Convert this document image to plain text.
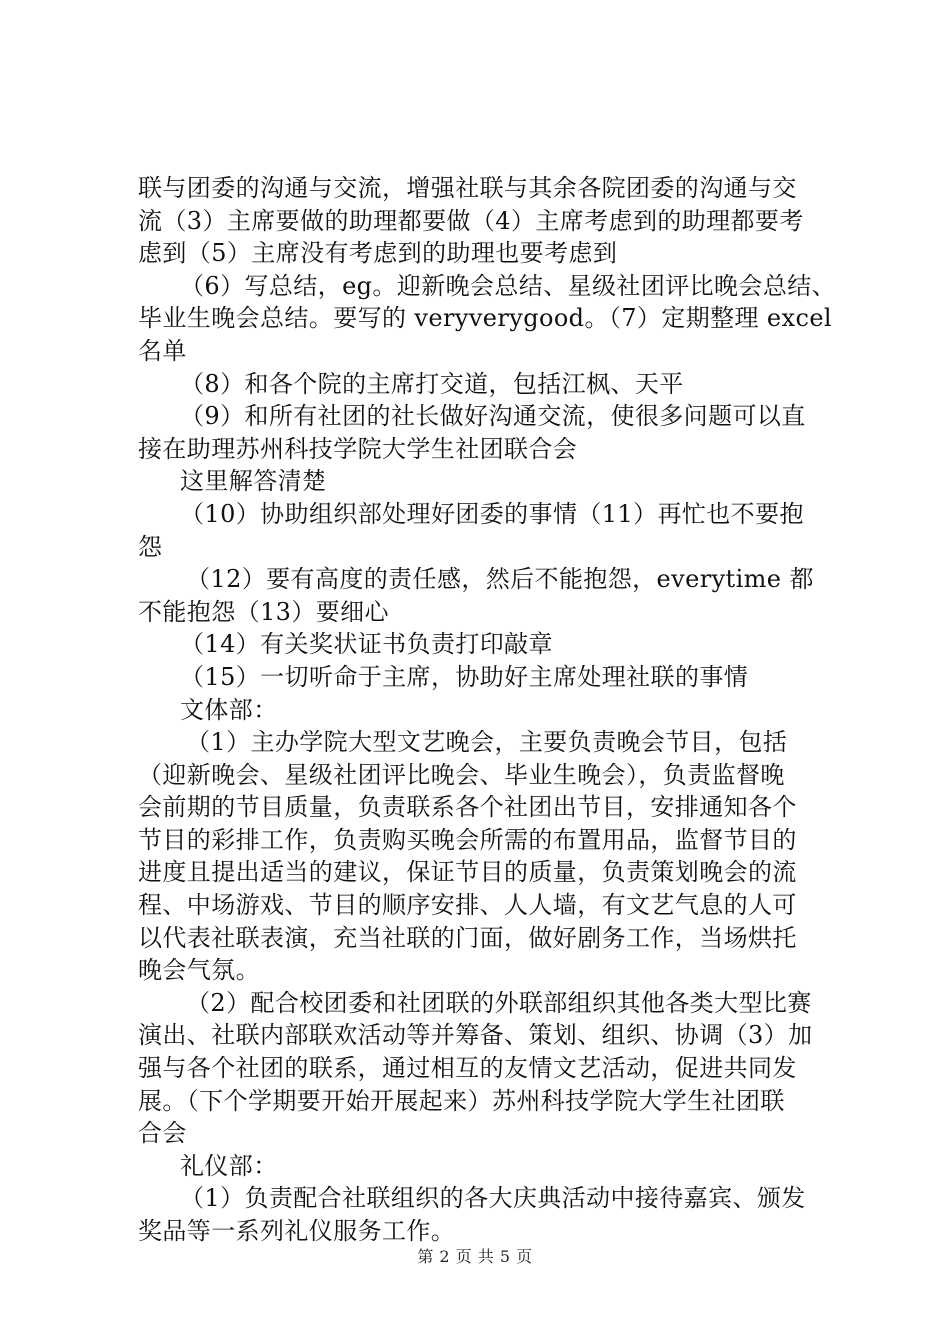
联与团委的沟通与交流，增强社联与其余各院团委的沟通与交
流（3）主席要做的助理都要做（4）主席考虑到的助理都要考
虑到（5）主席没有考虑到的助理也要考虑到
（6）写总结，eg。迎新晚会总结、星级社团评比晚会总结、
毕业生晚会总结。要写的 veryverygood。（7）定期整理 excel
名单
（8）和各个院的主席打交道，包括江枫、天平
（9）和所有社团的社长做好沟通交流，使很多问题可以直
接在助理苏州科技学院大学生社团联合会
这里解答清楚
（10）协助组织部处理好团委的事情（11）再忙也不要抱
怨
（12）要有高度的责任感，然后不能抱怨，everytime 都
不能抱怨（13）要细心
（14）有关奖状证书负责打印敲章
（15）一切听命于主席，协助好主席处理社联的事情
文体部：
（1）主办学院大型文艺晚会，主要负责晚会节目，包括
（迎新晚会、星级社团评比晚会、毕业生晚会），负责监督晚
会前期的节目质量，负责联系各个社团出节目，安排通知各个
节目的彩排工作，负责购买晚会所需的布置用品，监督节目的
进度且提出适当的建议，保证节目的质量，负责策划晚会的流
程、中场游戏、节目的顺序安排、人人墙，有文艺气息的人可
以代表社联表演，充当社联的门面，做好剧务工作，当场烘托
晚会气氛。
（2）配合校团委和社团联的外联部组织其他各类大型比赛
演出、社联内部联欢活动等并筹备、策划、组织、协调（3）加
强与各个社团的联系，通过相互的友情文艺活动，促进共同发
展。（下个学期要开始开展起来）苏州科技学院大学生社团联
合会
礼仪部：
（1）负责配合社联组织的各大庆典活动中接待嘉宾、颁发
奖品等一系列礼仪服务工作。
第 2 页 共 5 页
